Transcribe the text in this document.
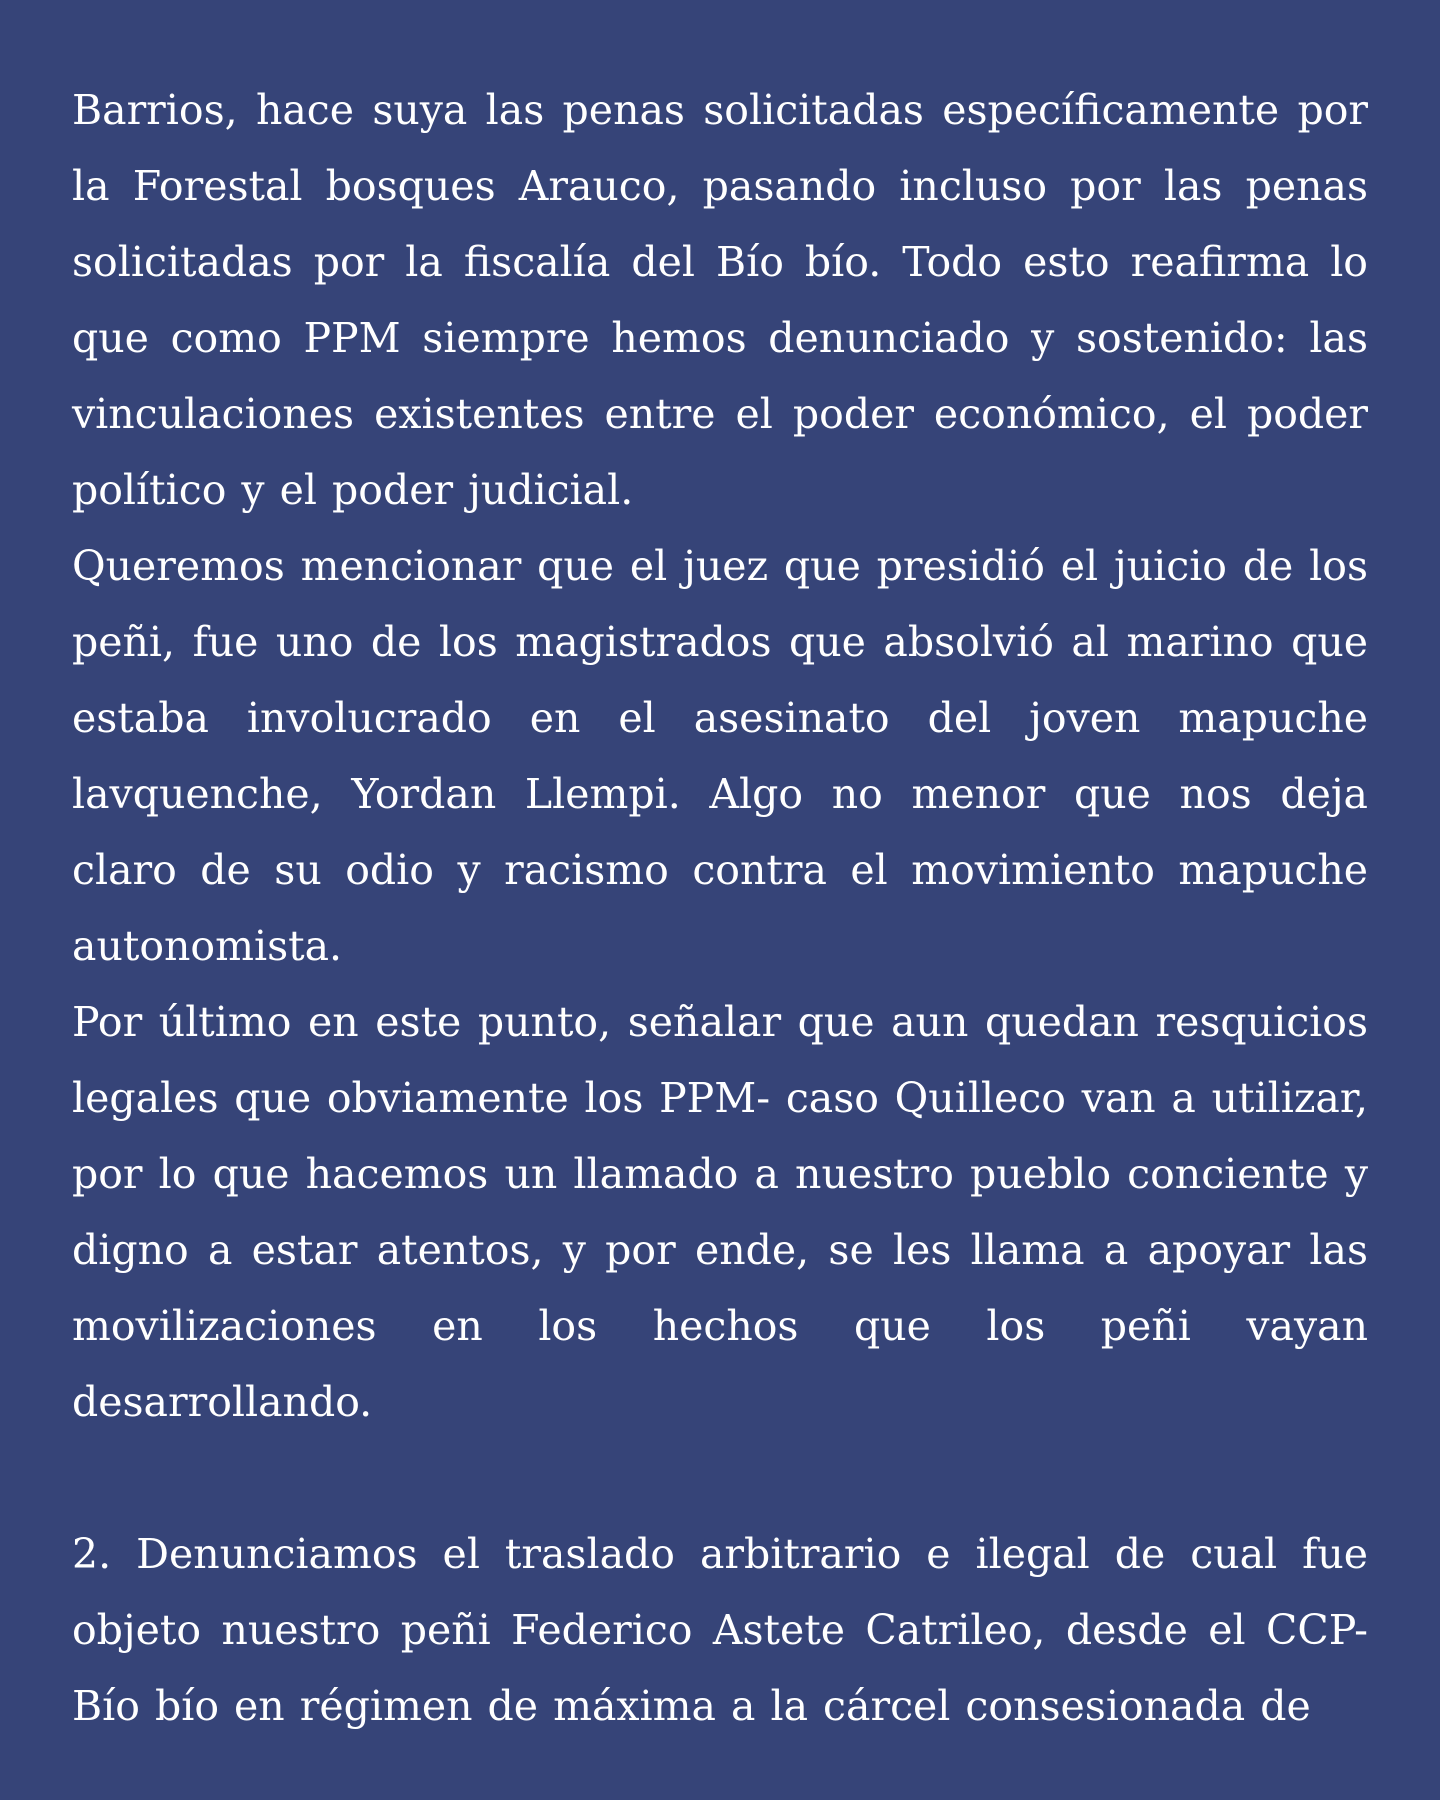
Barrios, hace suya las penas solicitadas específicamente por la Forestal bosques Arauco, pasando incluso por las penas solicitadas por la fiscalía del Bío bío. Todo esto reafirma lo que como PPM siempre hemos denunciado y sostenido: las vinculaciones existentes entre el poder económico, el poder político y el poder judicial.

Queremos mencionar que el juez que presidió el juicio de los peñi, fue uno de los magistrados que absolvió al marino que estaba involucrado en el asesinato del joven mapuche lavquenche, Yordan Llempi. Algo no menor que nos deja claro de su odio y racismo contra el movimiento mapuche autonomista.

Por último en este punto, señalar que aun quedan resquicios legales que obviamente los PPM- caso Quilleco van a utilizar, por lo que hacemos un llamado a nuestro pueblo conciente y digno a estar atentos, y por ende, se les llama a apoyar las movilizaciones en los hechos que los peñi vayan desarrollando.

2. Denunciamos el traslado arbitrario e ilegal de cual fue objeto nuestro peñi Federico Astete Catrileo, desde el CCP-Bío bío en régimen de máxima a la cárcel consesionada de
